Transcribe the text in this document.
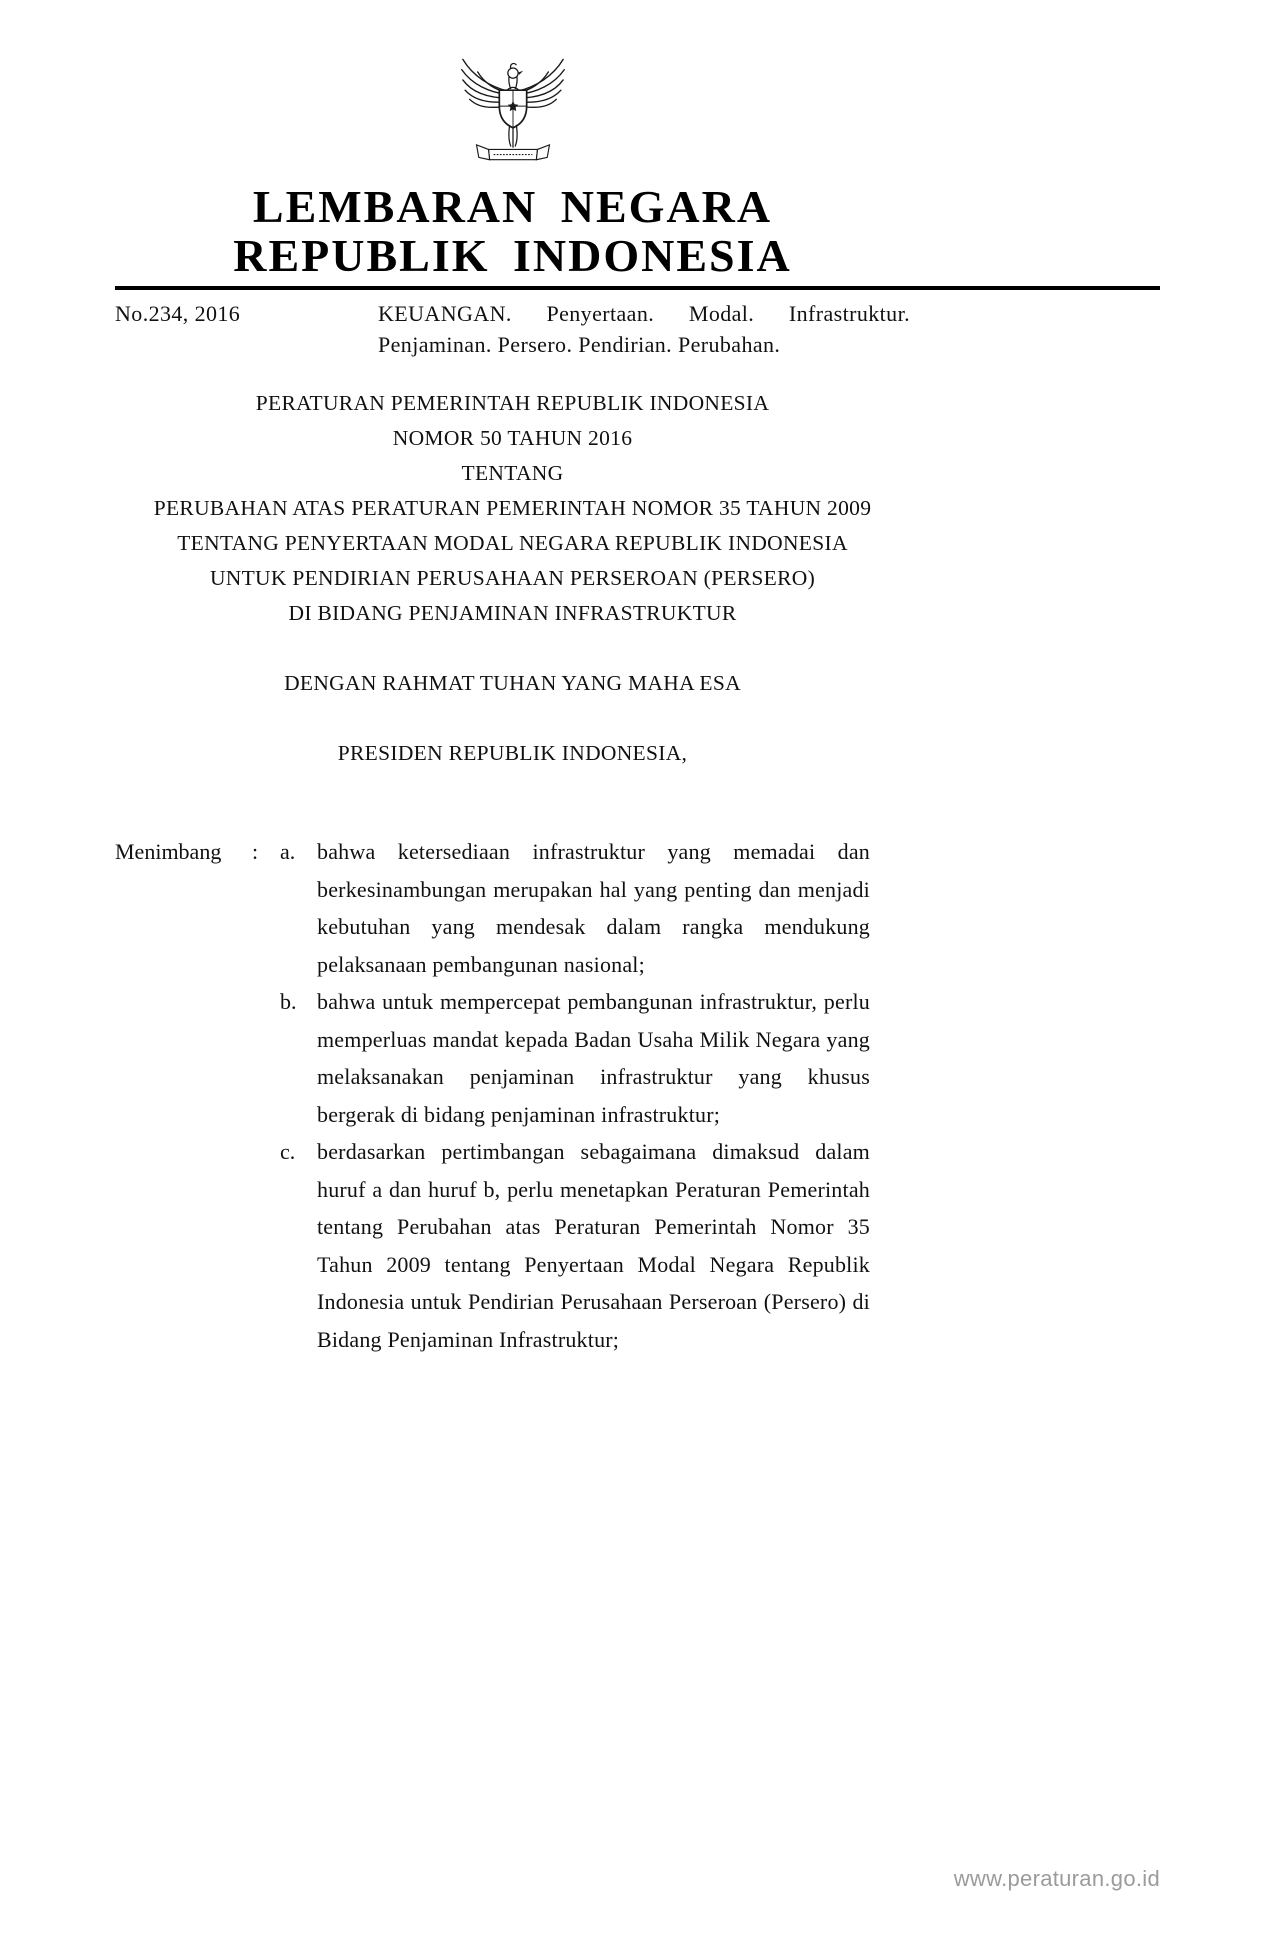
LEMBARAN NEGARA
REPUBLIK INDONESIA
No.234, 2016	KEUANGAN. Penyertaan. Modal. Infrastruktur. Penjaminan. Persero. Pendirian. Perubahan.
PERATURAN PEMERINTAH REPUBLIK INDONESIA
NOMOR 50 TAHUN 2016
TENTANG
PERUBAHAN ATAS PERATURAN PEMERINTAH NOMOR 35 TAHUN 2009
TENTANG PENYERTAAN MODAL NEGARA REPUBLIK INDONESIA
UNTUK PENDIRIAN PERUSAHAAN PERSEROAN (PERSERO)
DI BIDANG PENJAMINAN INFRASTRUKTUR
DENGAN RAHMAT TUHAN YANG MAHA ESA
PRESIDEN REPUBLIK INDONESIA,
Menimbang	: a. bahwa ketersediaan infrastruktur yang memadai dan berkesinambungan merupakan hal yang penting dan menjadi kebutuhan yang mendesak dalam rangka mendukung pelaksanaan pembangunan nasional;
b. bahwa untuk mempercepat pembangunan infrastruktur, perlu memperluas mandat kepada Badan Usaha Milik Negara yang melaksanakan penjaminan infrastruktur yang khusus bergerak di bidang penjaminan infrastruktur;
c. berdasarkan pertimbangan sebagaimana dimaksud dalam huruf a dan huruf b, perlu menetapkan Peraturan Pemerintah tentang Perubahan atas Peraturan Pemerintah Nomor 35 Tahun 2009 tentang Penyertaan Modal Negara Republik Indonesia untuk Pendirian Perusahaan Perseroan (Persero) di Bidang Penjaminan Infrastruktur;
www.peraturan.go.id
